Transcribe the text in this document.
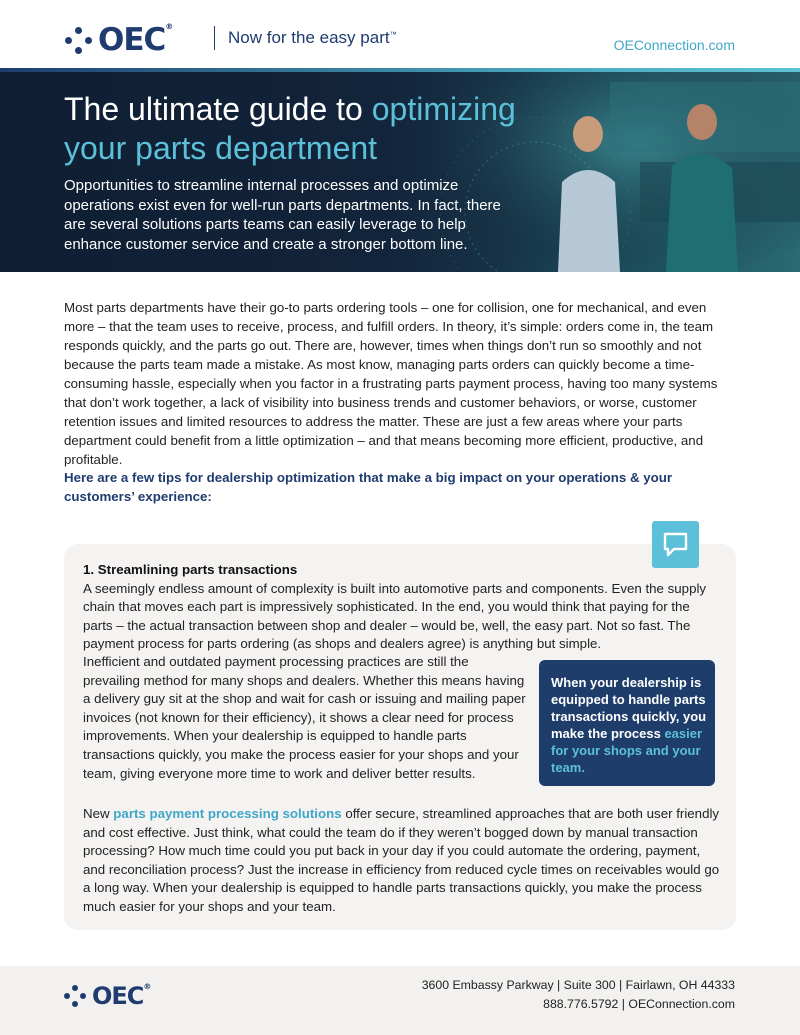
OEC®
Now for the easy part™
OEConnection.com
The ultimate guide to optimizing your parts department

Opportunities to streamline internal processes and optimize operations exist even for well-run parts departments. In fact, there are several solutions parts teams can easily leverage to help enhance customer service and create a stronger bottom line.

Most parts departments have their go-to parts ordering tools – one for collision, one for mechanical, and even more – that the team uses to receive, process, and fulfill orders. In theory, it’s simple: orders come in, the team responds quickly, and the parts go out. There are, however, times when things don’t run so smoothly and not because the parts team made a mistake. As most know, managing parts orders can quickly become a time-consuming hassle, especially when you factor in a frustrating parts payment process, having too many systems that don’t work together, a lack of visibility into business trends and customer behaviors, or worse, customer retention issues and limited resources to address the matter. These are just a few areas where your parts department could benefit from a little optimization – and that means becoming more efficient, productive, and profitable.

Here are a few tips for dealership optimization that make a big impact on your operations & your customers’ experience:

1. Streamlining parts transactions

A seemingly endless amount of complexity is built into automotive parts and components. Even the supply chain that moves each part is impressively sophisticated. In the end, you would think that paying for the parts – the actual transaction between shop and dealer – would be, well, the easy part. Not so fast. The payment process for parts ordering (as shops and dealers agree) is anything but simple.

Inefficient and outdated payment processing practices are still the prevailing method for many shops and dealers. Whether this means having a delivery guy sit at the shop and wait for cash or issuing and mailing paper invoices (not known for their efficiency), it shows a clear need for process improvements. When your dealership is equipped to handle parts transactions quickly, you make the process easier for your shops and your team, giving everyone more time to work and deliver better results.

When your dealership is equipped to handle parts transactions quickly, you make the process easier for your shops and your team.

New parts payment processing solutions offer secure, streamlined approaches that are both user friendly and cost effective. Just think, what could the team do if they weren’t bogged down by manual transaction processing? How much time could you put back in your day if you could automate the ordering, payment, and reconciliation process? Just the increase in efficiency from reduced cycle times on receivables would go a long way. When your dealership is equipped to handle parts transactions quickly, you make the process much easier for your shops and your team.

OEC®	3600 Embassy Parkway | Suite 300 | Fairlawn, OH 44333
888.776.5792 | OEConnection.com
